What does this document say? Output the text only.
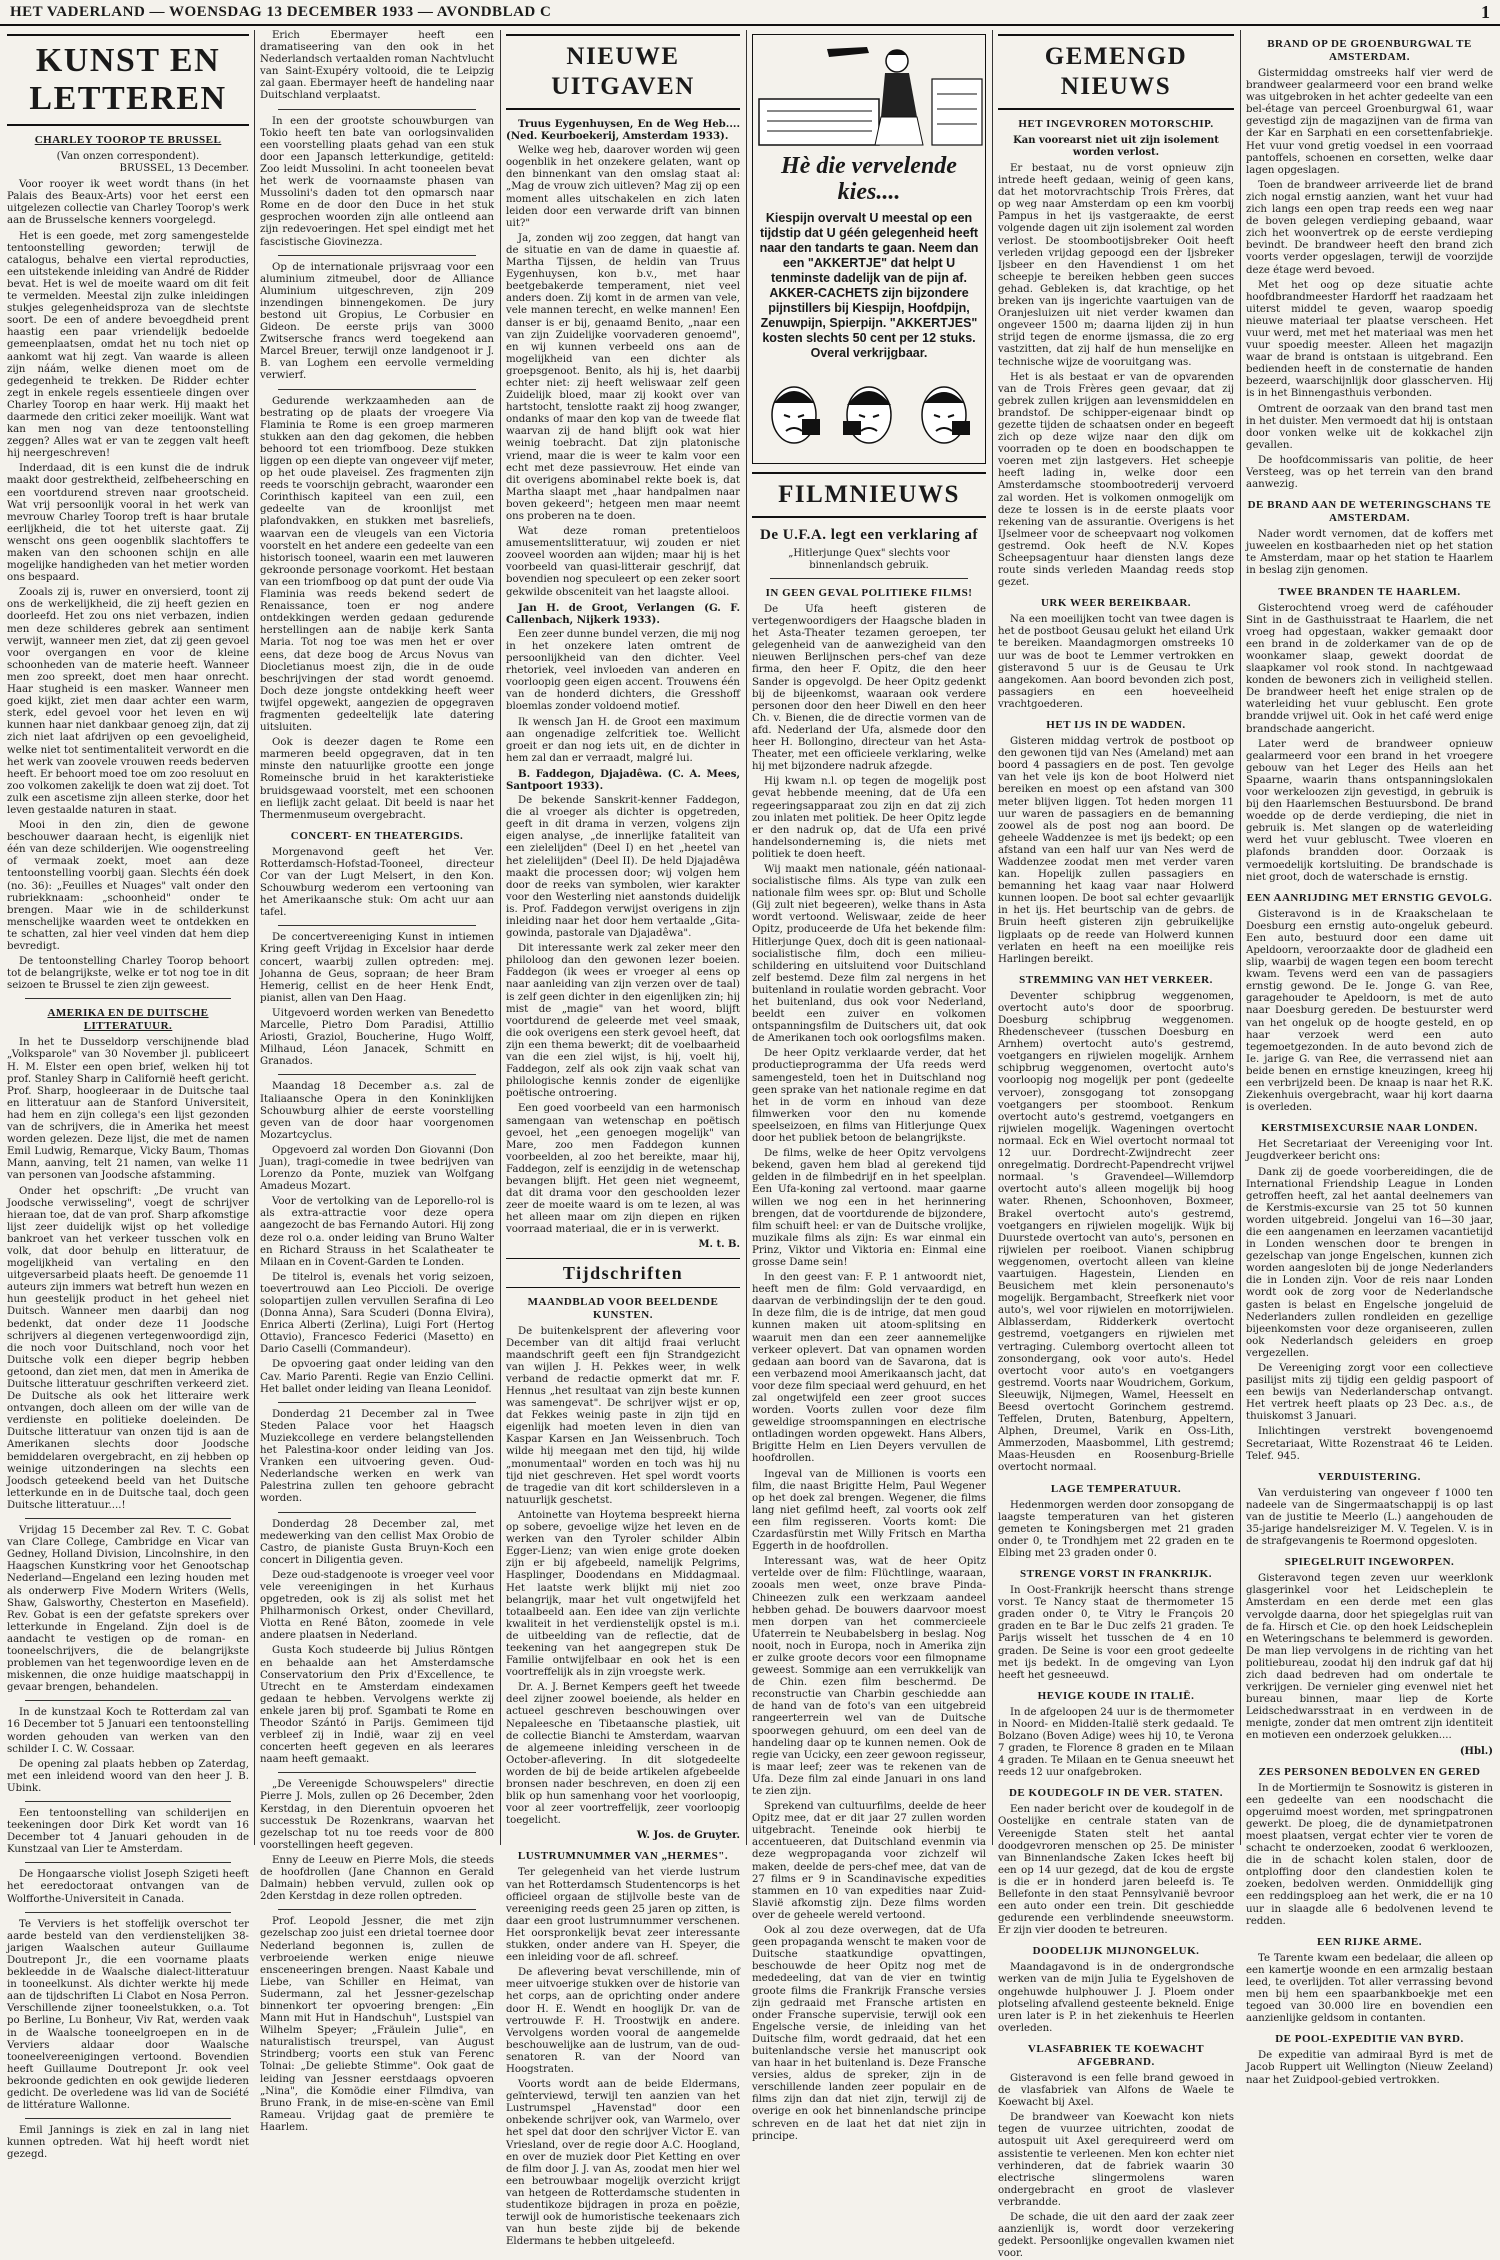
HET VADERLAND — WOENSDAG 13 DECEMBER 1933 — AVONDBLAD C	1
KUNST EN LETTEREN
CHARLEY TOOROP TE BRUSSEL

(Van onzen correspondent).

BRUSSEL, 13 December.

Voor rooyer ik weet wordt thans (in het Palais des Beaux-Arts) voor het eerst een uitgelezen collectie van Charley Toorop's werk aan de Brusselsche kenners voorgelegd.

Het is een goede, met zorg samengestelde tentoonstelling geworden; terwijl de catalogus, behalve een viertal reproducties, een uitstekende inleiding van André de Ridder bevat. Het is wel de moeite waard om dit feit te vermelden. Meestal zijn zulke inleidingen stukjes gelegenheidsproza van de slechtste soort. De een of andere bevoegdheid prent haastig een paar vriendelijk bedoelde gemeenplaatsen, omdat het nu toch niet op aankomt wat hij zegt. Van waarde is alleen zijn náám, welke dienen moet om de gedegenheid te trekken. De Ridder echter zegt in enkele regels essentieele dingen over Charley Toorop en haar werk. Hij maakt het daarmede den critici zeker moeilijk. Want wat kan men nog van deze tentoonstelling zeggen? Alles wat er van te zeggen valt heeft hij neergeschreven!

Inderdaad, dit is een kunst die de indruk maakt door gestrektheid, zelfbeheersching en een voortdurend streven naar grootscheid. Wat vrij persoonlijk vooral in het werk van mevrouw Charley Toorop treft is haar brutale eerlijkheid, die tot het uiterste gaat. Zij wenscht ons geen oogenblik slachtoffers te maken van den schoonen schijn en alle mogelijke handigheden van het metier worden ons bespaard.

Zooals zij is, ruwer en onversierd, toont zij ons de werkelijkheid, die zij heeft gezien en doorleefd. Het zou ons niet verbazen, indien men deze schilderes gebrek aan sentiment verwijt, wanneer men ziet, dat zij geen gevoel voor overgangen en voor de kleine schoonheden van de materie heeft. Wanneer men zoo spreekt, doet men haar onrecht. Haar stugheid is een masker. Wanneer men goed kijkt, ziet men daar achter een warm, sterk, edel gevoel voor het leven en wij kunnen haar niet dankbaar genoeg zijn, dat zij zich niet laat afdrijven op een gevoeligheid, welke niet tot sentimentaliteit verwordt en die het werk van zoovele vrouwen reeds bederven heeft. Er behoort moed toe om zoo resoluut en zoo volkomen zakelijk te doen wat zij doet. Tot zulk een ascetisme zijn alleen sterke, door het leven gestaalde naturen in staat.

Mooi in den zin, dien de gewone beschouwer daaraan hecht, is eigenlijk niet één van deze schilderijen. Wie oogenstreeling of vermaak zoekt, moet aan deze tentoonstelling voorbij gaan. Slechts één doek (no. 36): „Feuilles et Nuages" valt onder den rubriekknaam: „schoonheid" onder te brengen. Maar wie in de schilderkunst menschelijke waarden weet te ontdekken en te schatten, zal hier veel vinden dat hem diep bevredigt.

De tentoonstelling Charley Toorop behoort tot de belangrijkste, welke er tot nog toe in dit seizoen te Brussel te zien zijn geweest.

AMERIKA EN DE DUITSCHE LITTERATUUR.

In het te Dusseldorp verschijnende blad „Volksparole" van 30 November jl. publiceert H. M. Elster een open brief, welken hij tot prof. Stanley Sharp in Californië heeft gericht. Prof. Sharp, hoogleeraar in de Duitsche taal en litteratuur aan de Stanford Universiteit, had hem en zijn collega's een lijst gezonden van de schrijvers, die in Amerika het meest worden gelezen. Deze lijst, die met de namen Emil Ludwig, Remarque, Vicky Baum, Thomas Mann, aanving, telt 21 namen, van welke 11 van personen van Joodsche afstamming.

Onder het opschrift: „De vrucht van Joodsche verwisseling", voegt de schrijver hieraan toe, dat de van prof. Sharp afkomstige lijst zeer duidelijk wijst op het volledige bankroet van het verkeer tusschen volk en volk, dat door behulp en litteratuur, de mogelijkheid van vertaling en den uitgeversarbeid plaats heeft. De genoemde 11 auteurs zijn immers wat betreft hun wezen en hun geestelijk product in het geheel niet Duitsch. Wanneer men daarbij dan nog bedenkt, dat onder deze 11 Joodsche schrijvers al diegenen vertegenwoordigd zijn, die noch voor Duitschland, noch voor het Duitsche volk een dieper begrip hebben getoond, dan ziet men, dat men in Amerika de Duitsche litteratuur geschriften verkeerd ziet. De Duitsche als ook het litteraire werk ontvangen, doch alleen om der wille van de verdienste en politieke doeleinden. De Duitsche litteratuur van onzen tijd is aan de Amerikanen slechts door Joodsche bemiddelaren overgebracht, en zij hebben op weinige uitzonderingen na slechts een Joodsch geteekend beeld van het Duitsche letterkunde en in de Duitsche taal, doch geen Duitsche litteratuur....!

Vrijdag 15 December zal Rev. T. C. Gobat van Clare College, Cambridge en Vicar van Gedney, Holland Division, Lincolnshire, in den Haagschen Kunstkring voor het Genootschap Nederland—Engeland een lezing houden met als onderwerp Five Modern Writers (Wells, Shaw, Galsworthy, Chesterton en Masefield). Rev. Gobat is een der gefatste sprekers over letterkunde in Engeland. Zijn doel is de aandacht te vestigen op de roman- en tooneelschrijvers, die de belangrijkste problemen van het tegenwoordige leven en de miskennen, die onze huidige maatschappij in gevaar brengen, behandelen.

In de kunstzaal Koch te Rotterdam zal van 16 December tot 5 Januari een tentoonstelling worden gehouden van werken van den schilder I. C. W. Cossaar.

De opening zal plaats hebben op Zaterdag, met een inleidend woord van den heer J. B. Ubink.

Een tentoonstelling van schilderijen en teekeningen door Dirk Ket wordt van 16 December tot 4 Januari gehouden in de Kunstzaal van Lier te Amsterdam.

De Hongaarsche violist Joseph Szigeti heeft het eeredoctoraat ontvangen van de Wolfforthe-Universiteit in Canada.

Te Verviers is het stoffelijk overschot ter aarde besteld van den verdienstelijken 38-jarigen Waalschen auteur Guillaume Doutrepont Jr., die een voorname plaats bekleedde in de Waalsche dialect-litteratuur in tooneelkunst. Als dichter werkte hij mede aan de tijdschriften Li Clabot en Nosa Perron. Verschillende zijner tooneelstukken, o.a. Tot po Berline, Lu Bonheur, Viv Rat, werden vaak in de Waalsche tooneelgroepen en in de Verviers aldaar door Waalsche tooneelvereenigingen vertoond. Bovendien heeft Guillaume Doutrepont Jr. ook veel bekroonde gedichten en ook gewijde liederen gedicht. De overledene was lid van de Société de littérature Wallonne.

Emil Jannings is ziek en zal in lang niet kunnen optreden. Wat hij heeft wordt niet gezegd.

Erich Ebermayer heeft een dramatiseering van den ook in het Nederlandsch vertaalden roman Nachtvlucht van Saint-Exupéry voltooid, die te Leipzig zal gaan. Ebermayer heeft de handeling naar Duitschland verplaatst.

In een der grootste schouwburgen van Tokio heeft ten bate van oorlogsinvaliden een voorstelling plaats gehad van een stuk door een Japansch letterkundige, getiteld: Zoo leidt Mussolini. In acht tooneelen bevat het werk de voornaamste phasen van Mussolini's daden tot den opmarsch naar Rome en de door den Duce in het stuk gesprochen woorden zijn alle ontleend aan zijn redevoeringen. Het spel eindigt met het fascistische Giovinezza.

Op de internationale prijsvraag voor een aluminium zitmeubel, door de Alliance Aluminium uitgeschreven, zijn 209 inzendingen binnengekomen. De jury bestond uit Gropius, Le Corbusier en Gideon. De eerste prijs van 3000 Zwitsersche francs werd toegekend aan Marcel Breuer, terwijl onze landgenoot ir J. B. van Loghem een eervolle vermelding verwierf.

Gedurende werkzaamheden aan de bestrating op de plaats der vroegere Via Flaminia te Rome is een groep marmeren stukken aan den dag gekomen, die hebben behoord tot een triomfboog. Deze stukken liggen op een diepte van ongeveer vijf meter, op het oude plaveisel. Zes fragmenten zijn reeds te voorschijn gebracht, waaronder een Corinthisch kapiteel van een zuil, een gedeelte van de kroonlijst met plafondvakken, en stukken met basreliefs, waarvan een de vleugels van een Victoria voorstelt en het andere een gedeelte van een historisch tooneel, waarin een met lauweren gekroonde personage voorkomt. Het bestaan van een triomfboog op dat punt der oude Via Flaminia was reeds bekend sedert de Renaissance, toen er nog andere ontdekkingen werden gedaan gedurende herstellingen aan de nabije kerk Santa Maria. Tot nog toe was men het er over eens, dat deze boog de Arcus Novus van Diocletianus moest zijn, die in de oude beschrijvingen der stad wordt genoemd. Doch deze jongste ontdekking heeft weer twijfel opgewekt, aangezien de opgegraven fragmenten gedeeltelijk late datering uitsluiten.

Ook is deezer dagen te Rome een marmeren beeld opgegraven, dat in ten minste den natuurlijke grootte een jonge Romeinsche bruid in het karakteristieke bruidsgewaad voorstelt, met een schoonen en lieflijk zacht gelaat. Dit beeld is naar het Thermenmuseum overgebracht.

CONCERT- EN THEATERGIDS.

Morgenavond geeft het Ver. Rotterdamsch-Hofstad-Tooneel, directeur Cor van der Lugt Melsert, in den Kon. Schouwburg wederom een vertooning van het Amerikaansche stuk: Om acht uur aan tafel.

De concertvereeniging Kunst in intiemen Kring geeft Vrijdag in Excelsior haar derde concert, waarbij zullen optreden: mej. Johanna de Geus, sopraan; de heer Bram Hemerig, cellist en de heer Henk Endt, pianist, allen van Den Haag.

Uitgevoerd worden werken van Benedetto Marcelle, Pietro Dom Paradisi, Attillio Ariosti, Graziol, Boucherine, Hugo Wolff, Milhaud, Léon Janacek, Schmitt en Granados.

Maandag 18 December a.s. zal de Italiaansche Opera in den Koninklijken Schouwburg alhier de eerste voorstelling geven van de door haar voorgenomen Mozartcyclus.

Opgevoerd zal worden Don Giovanni (Don Juan), tragi-comedie in twee bedrijven van Lorenzo da Ponte, muziek van Wolfgang Amadeus Mozart.

Voor de vertolking van de Leporello-rol is als extra-attractie voor deze opera aangezocht de bas Fernando Autori. Hij zong deze rol o.a. onder leiding van Bruno Walter en Richard Strauss in het Scalatheater te Milaan en in Covent-Garden te Londen.

De titelrol is, evenals het vorig seizoen, toevertrouwd aan Leo Piccioli. De overige solopartijen zullen vervullen Serafina di Leo (Donna Anna), Sara Scuderi (Donna Elvira), Enrica Alberti (Zerlina), Luigi Fort (Hertog Ottavio), Francesco Federici (Masetto) en Dario Caselli (Commandeur).

De opvoering gaat onder leiding van den Cav. Mario Parenti. Regie van Enzio Cellini. Het ballet onder leiding van Ileana Leonidof.

Donderdag 21 December zal in Twee Steden Palace voor het Haagsch Muziekcollege en verdere belangstellenden het Palestina-koor onder leiding van Jos. Vranken een uitvoering geven. Oud-Nederlandsche werken en werk van Palestrina zullen ten gehoore gebracht worden.

Donderdag 28 December zal, met medewerking van den cellist Max Orobio de Castro, de pianiste Gusta Bruyn-Koch een concert in Diligentia geven.

Deze oud-stadgenoote is vroeger veel voor vele vereenigingen in het Kurhaus opgetreden, ook is zij als solist met het Philharmonisch Orkest, onder Chevillard, Viotta en René Bâton, zoomede in vele andere plaatsen in Nederland.

Gusta Koch studeerde bij Julius Röntgen en behaalde aan het Amsterdamsche Conservatorium den Prix d'Excellence, te Utrecht en te Amsterdam eindexamen gedaan te hebben. Vervolgens werkte zij enkele jaren bij prof. Sgambati te Rome en Theodor Szántó in Parijs. Gemimeen tijd verbleef zij in Indië, waar zij en veel concerten heeft gegeven en als leerares naam heeft gemaakt.

„De Vereenigde Schouwspelers" directie Pierre J. Mols, zullen op 26 December, 2den Kerstdag, in den Dierentuin opvoeren het successtuk De Rozenkrans, waarvan het gezelschap tot nu toe reeds voor de 800 voorstellingen heeft gegeven.

Enny de Leeuw en Pierre Mols, die steeds de hoofdrollen (Jane Channon en Gerald Dalmain) hebben vervuld, zullen ook op 2den Kerstdag in deze rollen optreden.

Prof. Leopold Jessner, die met zijn gezelschap zoo juist een drietal toernee door Nederland begonnen is, zullen de verbroeiende werken enige nieuwe ensceneeringen brengen. Naast Kabale und Liebe, van Schiller en Heimat, van Sudermann, zal het Jessner-gezelschap binnenkort ter opvoering brengen: „Ein Mann mit Hut in Handschuh", Lustspiel van Wilhelm Speyer; „Fräulein Julie", en naturalistisch treurspel, van August Strindberg; voorts een stuk van Ferenc Tolnai: „De geliebte Stimme". Ook gaat de leiding van Jessner eerstdaags opvoeren „Nina", die Komödie einer Filmdiva, van Bruno Frank, in de mise-en-scène van Emil Rameau. Vrijdag gaat de première te Haarlem.

NIEUWE UITGAVEN

Truus Eygenhuysen, En de Weg Heb.... (Ned. Keurboekerij, Amsterdam 1933).

Welke weg heb, daarover worden wij geen oogenblik in het onzekere gelaten, want op den binnenkant van den omslag staat al: „Mag de vrouw zich uitleven? Mag zij op een moment alles uitschakelen en zich laten leiden door een verwarde drift van binnen uit?"

Ja, zonden wij zoo zeggen, dat hangt van de situatie en van de dame in quaestie af. Martha Tijssen, de heldin van Truus Eygenhuysen, kon b.v., met haar beetgebakerde temperament, niet veel anders doen. Zij komt in de armen van vele, vele mannen terecht, en welke mannen! Een danser is er bij, genaamd Benito, „naar een van zijn Zuidelijke voorvaderen genoemd", en wij kunnen verbeeld ons aan de mogelijkheid van een dichter als groepsgenoot. Benito, als hij is, het daarbij echter niet: zij heeft weliswaar zelf geen Zuidelijk bloed, maar zij kookt over van hartstocht, tenslotte raakt zij hoog zwanger, ondanks of maar den kop van de tweede flat waarvan zij de hand blijft ook wat hier weinig toebracht. Dat zijn platonische vriend, maar die is weer te kalm voor een echt met deze passievrouw. Het einde van dit overigens abominabel rekte boek is, dat Martha slaapt met „haar handpalmen naar boven gekeerd"; hetgeen men maar neemt ons proberen na te doen.

Wat deze roman pretentieloos amusementslitteratuur, wij zouden er niet zooveel woorden aan wijden; maar hij is het voorbeeld van quasi-litterair geschrijf, dat bovendien nog speculeert op een zeker soort gekwilde obsceniteit van het laagste allooi.

Jan H. de Groot, Verlangen (G. F. Callenbach, Nijkerk 1933).

Een zeer dunne bundel verzen, die mij nog in het onzekere laten omtrent de persoonlijkheid van den dichter. Veel rhetoriek, veel invloeden van anderen en voorloopig geen eigen accent. Trouwens één van de honderd dichters, die Gresshoff bloemlas zonder voldoend motief.

Ik wensch Jan H. de Groot een maximum aan ongenadige zelfcritiek toe. Wellicht groeit er dan nog iets uit, en de dichter in hem zal dan er verraadt, malgré lui.

B. Faddegon, Djajadêwa. (C. A. Mees, Santpoort 1933).

De bekende Sanskrit-kenner Faddegon, die al vroeger als dichter is opgetreden, geeft in dit drama in verzen, volgens zijn eigen analyse, „de innerlijke fataliteit van een zielelijden" (Deel I) en het „heetel van het zieleliijden" (Deel II). De held Djajadêwa maakt die processen door; wij volgen hem door de reeks van symbolen, wier karakter voor den Westerling niet aanstonds duidelijk is. Prof. Faddegon verwijst overigens in zijn inleiding naar het door hem vertaalde „Gita-gowinda, pastorale van Djajadêwa".

Dit interessante werk zal zeker meer den philoloog dan den gewonen lezer boeien. Faddegon (ik wees er vroeger al eens op naar aanleiding van zijn verzen over de taal) is zelf geen dichter in den eigenlijken zin; hij mist de „magie" van het woord, blijft voortdurend de geleerde met veel smaak, die ook overigens een sterk gevoel heeft, dat zijn een thema bewerkt; dit de voelbaarheid van die een ziel wijst, is hij, voelt hij, Faddegon, zelf als ook zijn vaak schat van philologische kennis zonder de eigenlijke poëtische ontroering.

Een goed voorbeeld van een harmonisch samengaan van wetenschap en poëtisch gevoel, het „een genoegen mogelijk" van Mare, zoo men Faddegon kunnen voorbeelden, al zoo het bereikte, maar hij, Faddegon, zelf is eenzijdig in de wetenschap bevangen blijft. Het geen niet wegneemt, dat dit drama voor den geschoolden lezer zeer de moeite waard is om te lezen, al was het alleen maar om zijn diepen en rijken voorraad materiaal, die er in is verwerkt.

M. t. B.
Tijdschriften
MAANDBLAD VOOR BEELDENDE KUNSTEN.

De buitenkelsprent der aflevering voor December van dit altijd fraai verlucht maandschrift geeft een fijn Strandgezicht van wijlen J. H. Pekkes weer, in welk verband de redactie opmerkt dat mr. F. Hennus „het resultaat van zijn beste kunnen was samengevat". De schrijver wijst er op, dat Fekkes weinig paste in zijn tijd en eigenlijk had moeten leven in dien van Kaspar Karsen en Jan Weissenbruch. Toch wilde hij meegaan met den tijd, hij wilde „monumentaal" worden en toch was hij nu tijd niet geschreven. Het spel wordt voorts de tragedie van dit kort schildersleven in a natuurlijk geschetst.

Antoinette van Hoytema bespreekt hierna op sobere, gevoelige wijze het leven en de werken van den Tyroler schilder Albin Egger-Lienz; van wien enige grote doeken zijn er bij afgebeeld, namelijk Pelgrims, Hasplinger, Doodendans en Middagmaal. Het laatste werk blijkt mij niet zoo belangrijk, maar het vult ongetwijfeld het totaalbeeld aan. Een idee van zijn verlichte kwaliteit in het verdienstelijk opstel is m.i. de uitbeelding van de reflectie, dat de teekening van het aangegrepen stuk De Familie ontwijfelbaar en ook het is een voortreffelijk als in zijn vroegste werk.

Dr. A. J. Bernet Kempers geeft het tweede deel zijner zoowel boeiende, als helder en actueel geschreven beschouwingen over Nepaleesche en Tibetaansche plastiek, uit de collectie Bianchi te Amsterdam, waarvan de algemeene inleiding verscheen in de October-aflevering. In dit slotgedeelte worden de bij de beide artikelen afgebeelde bronsen nader beschreven, en doen zij een blik op hun samenhang voor het voorloopig, voor al zeer voortreffelijk, zeer voorloopig toegelicht.

W. Jos. de Gruyter.
LUSTRUMNUMMER VAN „HERMES".

Ter gelegenheid van het vierde lustrum van het Rotterdamsch Studentencorps is het officieel orgaan de stijlvolle beste van de vereeniging reeds geen 25 jaren op zitten, is daar een groot lustrumnummer verschenen. Het oorspronkelijk bevat zeer interessante stukken, onder andere van H. Speyer, die een inleiding voor de afl. schreef.

De aflevering bevat verschillende, min of meer uitvoerige stukken over de historie van het corps, aan de oprichting onder andere door H. E. Wendt en hooglijk Dr. van de vertrouwde F. H. Troostwijk en andere. Vervolgens worden vooral de aangemelde beschouwelijke aan de lustrum, van de oud-senatoren R. van der Noord van Hoogstraten.

Voorts wordt aan de beide Eldermans, geïnterviewd, terwijl ten aanzien van het Lustrumspel „Havenstad" door een onbekende schrijver ook, van Warmelo, over het spel dat door den schrijver Victor E. van Vriesland, over de regie door A.C. Hoogland, en over de muziek door Piet Ketting en over de film door J. J. van As, zoodat men hier wel een betrouwbaar mogelijk overzicht krijgt van hetgeen de Rotterdamsche studenten in studentikoze bijdragen in proza en poëzie, terwijl ook de humoristische teekenaars zich van hun beste zijde bij de bekende Eldermans te hebben uitgeleefd.

Hè die vervelende kies....
Kiespijn overvalt U meestal op een tijdstip dat U géén gelegenheid heeft naar den tandarts te gaan. Neem dan een "AKKERTJE" dat helpt U tenminste dadelijk van de pijn af. AKKER-CACHETS zijn bijzondere pijnstillers bij Kiespijn, Hoofdpijn, Zenuwpijn, Spierpijn. "AKKERTJES" kosten slechts 50 cent per 12 stuks. Overal verkrijgbaar.
FILMNIEUWS
De U.F.A. legt een verklaring af
„Hitlerjunge Quex" slechts voor binnenlandsch gebruik.
IN GEEN GEVAL POLITIEKE FILMS!

De Ufa heeft gisteren de vertegenwoordigers der Haagsche bladen in het Asta-Theater tezamen geroepen, ter gelegenheid van de aanwezigheid van den nieuwen Berlijnschen pers-chef van deze firma, den heer F. Opitz, die den heer Sander is opgevolgd. De heer Opitz gedenkt bij de bijeenkomst, waaraan ook verdere personen door den heer Diwell en den heer Ch. v. Bienen, die de directie vormen van de afd. Nederland der Ufa, alsmede door den heer H. Bollongino, directeur van het Asta-Theater, met een officieele verklaring, welke hij met bijzondere nadruk afzegde.

Hij kwam n.l. op tegen de mogelijk post gevat hebbende meening, dat de Ufa een regeeringsapparaat zou zijn en dat zij zich zou inlaten met politiek. De heer Opitz legde er den nadruk op, dat de Ufa een privé handelsonderneming is, die niets met politiek te doen heeft.

Wij maakt men nationale, géén nationaal-socialistische films. Als type van zulk een nationale film wees spr. op: Blut und Scholle (Gij zult niet begeeren), welke thans in Asta wordt vertoond. Weliswaar, zeide de heer Opitz, produceerde de Ufa het bekende film: Hitlerjunge Quex, doch dit is geen nationaal-socialistische film, doch een milieu-schildering en uitsluitend voor Duitschland zelf bestemd. Deze film zal nergens in het buitenland in roulatie worden gebracht. Voor het buitenland, dus ook voor Nederland, beeldt een zuiver en volkomen ontspanningsfilm de Duitschers uit, dat ook de Amerikanen toch ook oorlogsfilms maken.

De heer Opitz verklaarde verder, dat het productieprogramma der Ufa reeds werd samengesteld, toen het in Duitschland nog geen sprake van het nationale regime en dat het in de vorm en inhoud van deze filmwerken voor den nu komende speelseizoen, en films van Hitlerjunge Quex door het publiek betoon de belangrijkste.

De films, welke de heer Opitz vervolgens bekend, gaven hem blad al gerekend tijd gelden in de filmbedrijf en in het speelplan. Een Ufa-koning zal vertoond. maar gaarne willen we nog een in het herinnering brengen, dat de voortdurende de bijzondere, film schuift heel: er van de Duitsche vrolijke, muzikale films als zijn: Es war einmal ein Prinz, Viktor und Viktoria en: Einmal eine grosse Dame sein!

In den geest van: F. P. 1 antwoordt niet, heeft men de film: Gold vervaardigd, en daarvan de verbindingslijn der te den goud. In deze film, die is de intrige, dat men goud kunnen maken uit atoom-splitsing en waaruit men dan een zeer aannemelijke verkeer oplevert. Dat van opnamen worden gedaan aan boord van de Savarona, dat is een verbazend mooi Amerikaansch jacht, dat voor deze film speciaal werd gehuurd, en het zal ongetwijfeld een zeer groot succes worden. Voorts zullen voor deze film geweldige stroomspanningen en electrische ontladingen worden opgewekt. Hans Albers, Brigitte Helm en Lien Deyers vervullen de hoofdrollen.

Ingeval van de Millionen is voorts een film, die naast Brigitte Helm, Paul Wegener op het doek zal brengen. Wegener, die films lang niet gefilmd heeft, zal voorts ook zelf een film regisseren. Voorts komt: Die Czardasfürstin met Willy Fritsch en Martha Eggerth in de hoofdrollen.

Interessant was, wat de heer Opitz vertelde over de film: Flüchtlinge, waaraan, zooals men weet, onze brave Pinda-Chineezen zulk een werkzaam aandeel hebben gehad. De bouwers daarvoor moest men dorpen van het commercieele Ufaterrein te Neubabelsberg in beslag. Nog nooit, noch in Europa, noch in Amerika zijn er zulke groote decors voor een filmopname geweest. Sommige aan een verrukkelijk van de Chin. ezen film beschermd. De reconstructie van Charbin geschiedde aan de hand van de foto's van een uitgebreid rangeerterrein wel van de Duitsche spoorwegen gehuurd, om een deel van de handeling daar op te kunnen nemen. Ook de regie van Ucicky, een zeer gewoon regisseur, is maar leef; zeer was te rekenen van de Ufa. Deze film zal einde Januari in ons land te zien zijn.

Sprekend van cultuurfilms, deelde de heer Opitz mee, dat er dit jaar 27 zullen worden uitgebracht. Teneinde ook hierbij te accentueeren, dat Duitschland evenmin via deze wegpropaganda voor zichzelf wil maken, deelde de pers-chef mee, dat van de 27 films er 9 in Scandinavische expedities stammen en 10 van expedities naar Zuid-Slavië afkomstig zijn. Deze films worden over de geheele wereld vertoond.

Ook al zou deze overwegen, dat de Ufa geen propaganda wenscht te maken voor de Duitsche staatkundige opvattingen, beschouwde de heer Opitz nog met de mededeeling, dat van de vier en twintig groote films die Frankrijk Fransche versies zijn gedraaid met Fransche artisten en onder Fransche supervisie, terwijl ook een Engelsche versie, de inleiding van het Duitsche film, wordt gedraaid, dat het een buitenlandsche versie het manuscript ook van haar in het buitenland is. Deze Fransche versies, aldus de spreker, zijn in de verschillende landen zeer populair en de films zijn dan dat niet zijn, terwijl zij de overige en ook het binnenlandsche principe schreven en de laat het dat niet zijn in principe.

GEMENGD NIEUWS
HET INGEVROREN MOTORSCHIP.
Kan voorearst niet uit zijn isolement worden verlost.

Er bestaat, nu de vorst opnieuw zijn intrede heeft gedaan, weinig of geen kans, dat het motorvrachtschip Trois Frères, dat op weg naar Amsterdam op een km voorbij Pampus in het ijs vastgeraakte, de eerst volgende dagen uit zijn isolement zal worden verlost. De stoombootijsbreker Ooit heeft verleden vrijdag gepoogd een der Ijsbreker Ijsbeer en den Havendienst 1 om het scheepje te bereiken hebben geen succes gehad. Gebleken is, dat krachtige, op het breken van ijs ingerichte vaartuigen van de Oranjesluizen uit niet verder kwamen dan ongeveer 1500 m; daarna lijden zij in hun strijd tegen de enorme ijsmassa, die zo erg vastzitten, dat zij half de hun menselijke en technische wijze de vooruitgang was.

Het is als bestaat er van de opvarenden van de Trois Frères geen gevaar, dat zij gebrek zullen krijgen aan levensmiddelen en brandstof. De schipper-eigenaar bindt op gezette tijden de schaatsen onder en begeeft zich op deze wijze naar den dijk om voorraden op te doen en boodschappen te voeren met zijn lastgevers. Het scheepje heeft lading in, welke door een Amsterdamsche stoombootrederij vervoerd zal worden. Het is volkomen onmogelijk om deze te lossen is in de eerste plaats voor rekening van de assurantie. Overigens is het IJselmeer voor de scheepvaart nog volkomen gestremd. Ook heeft de N.V. Kopes Scheepsagentuur haar diensten langs deze route sinds verleden Maandag reeds stop gezet.

URK WEER BEREIKBAAR.

Na een moeilijken tocht van twee dagen is het de postboot Geusau gelukt het eiland Urk te bereiken. Maandagmorgen omstreeks 10 uur was de boot te Lemmer vertrokken en gisteravond 5 uur is de Geusau te Urk aangekomen. Aan boord bevonden zich post, passagiers en een hoeveelheid vrachtgoederen.

HET IJS IN DE WADDEN.

Gisteren middag vertrok de postboot op den gewonen tijd van Nes (Ameland) met aan boord 4 passagiers en de post. Ten gevolge van het vele ijs kon de boot Holwerd niet bereiken en moest op een afstand van 300 meter blijven liggen. Tot heden morgen 11 uur waren de passagiers en de bemanning zoowel als de post nog aan boord. De geheele Waddenzee is met ijs bedekt; op een afstand van een half uur van Nes werd de Waddenzee zoodat men met verder varen kan. Hopelijk zullen passagiers en bemanning het kaag vaar naar Holwerd kunnen loopen. De boot sal echter gevaarlijk in het ijs. Het beurtschip van de gebrs. de Bruin heeft gisteren zijn gebruikelijke ligplaats op de reede van Holwerd kunnen verlaten en heeft na een moeilijke reis Harlingen bereikt.

STREMMING VAN HET VERKEER.

Deventer schipbrug weggenomen, overtocht auto's door de spoorbrug. Doesburg schipbrug weggenomen. Rhedenscheveer (tusschen Doesburg en Arnhem) overtocht auto's gestremd, voetgangers en rijwielen mogelijk. Arnhem schipbrug weggenomen, overtocht auto's voorloopig nog mogelijk per pont (gedeelte vervoer), zonsgogang tot zonsopgang voetgangers per stoomboot. Renkum overtocht auto's gestremd, voetgangers en rijwielen mogelijk. Wageningen overtocht normaal. Eck en Wiel overtocht normaal tot 12 uur. Dordrecht-Zwijndrecht zeer onregelmatig. Dordrecht-Papendrecht vrijwel normaal. 's Gravendeel—Willemdorp overtocht auto's alleen mogelijk bij hoog water. Rhenen, Schoonhoven, Boxmeer, Brakel overtocht auto's gestremd, voetgangers en rijwielen mogelijk. Wijk bij Duurstede overtocht van auto's, personen en rijwielen per roeiboot. Vianen schipbrug weggenomen, overtocht alleen van kleine vaartuigen. Hagestein, Lienden en Beusichem met klein personenauto's mogelijk. Bergambacht, Streefkerk niet voor auto's, wel voor rijwielen en motorrijwielen. Alblasserdam, Ridderkerk overtocht gestremd, voetgangers en rijwielen met vertraging. Culemborg overtocht alleen tot zonsondergang, ook voor auto's. Hedel overtocht voor auto's en voetgangers gestremd. Voorts naar Woudrichem, Gorkum, Sleeuwijk, Nijmegen, Wamel, Heesselt en Beesd overtocht Gorinchem gestremd. Teffelen, Druten, Batenburg, Appeltern, Alphen, Dreumel, Varik en Oss-Lith, Ammerzoden, Maasbommel, Lith gestremd; Maas-Heusden en Roosenburg-Brielle overtocht normaal.

LAGE TEMPERATUUR.

Hedenmorgen werden door zonsopgang de laagste temperaturen van het gisteren gemeten te Koningsbergen met 21 graden onder 0, te Trondhjem met 22 graden en te Elbing met 23 graden onder 0.

STRENGE VORST IN FRANKRIJK.

In Oost-Frankrijk heerscht thans strenge vorst. Te Nancy staat de thermometer 15 graden onder 0, te Vitry le François 20 graden en te Bar le Duc zelfs 21 graden. Te Parijs wisselt het tusschen de 4 en 10 graden. De Seine is voor een groot gedeelte met ijs bedekt. In de omgeving van Lyon heeft het gesneeuwd.

HEVIGE KOUDE IN ITALIË.

In de afgeloopen 24 uur is de thermometer in Noord- en Midden-Italië sterk gedaald. Te Bolzano (Boven Adige) wees hij 10, te Verona 7 graden, te Florence 8 graden en te Milaan 4 graden. Te Milaan en te Genua sneeuwt het reeds 12 uur onafgebroken.

DE KOUDEGOLF IN DE VER. STATEN.

Een nader bericht over de koudegolf in de Oostelijke en centrale staten van de Vereenigde Staten stelt het aantal doodgevroren menschen op 25. De minister van Binnenlandsche Zaken Ickes heeft bij een op 14 uur gezegd, dat de kou de ergste is die er in honderd jaren beleefd is. Te Bellefonte in den staat Pennsylvanië bevroor een auto onder een trein. Dit geschiedde gedurende een verblindende sneeuwstorm. Er zijn vier dooden te betreuren.

DOODELIJK MIJNONGELUK.

Maandagavond is in de ondergrondsche werken van de mijn Julia te Eygelshoven de ongehuwde hulphouwer J. J. Ploem onder plotseling afvallend gesteente bekneld. Enige uren later is P. in het ziekenhuis te Heerlen overleden.

VLASFABRIEK TE KOEWACHT AFGEBRAND.

Gisteravond is een felle brand gewoed in de vlasfabriek van Alfons de Waele te Koewacht bij Axel.

De brandweer van Koewacht kon niets tegen de vuurzee uitrichten, zoodat de autospuit uit Axel gerequireerd werd om assistentie te verleenen. Men kon echter niet verhinderen, dat de fabriek waarin 30 electrische slingermolens waren ondergebracht en groot de vlaslever verbrandde.

De schade, die uit den aard der zaak zeer aanzienlijk is, wordt door verzekering gedekt. Persoonlijke ongevallen kwamen niet voor.

BRAND OP DE GROENBURGWAL TE AMSTERDAM.

Gistermiddag omstreeks half vier werd de brandweer gealarmeerd voor een brand welke was uitgebroken in het achter gedeelte van een bel-étage van perceel Groenburgwal 61, waar gevestigd zijn de magazijnen van de firma van der Kar en Sarphati en een corsettenfabriekje. Het vuur vond gretig voedsel in een voorraad pantoffels, schoenen en corsetten, welke daar lagen opgeslagen.

Toen de brandweer arriveerde liet de brand zich nogal ernstig aanzien, want het vuur had zich langs een open trap reeds een weg naar de boven gelegen verdieping gebaand, waar zich het woonvertrek op de eerste verdieping bevindt. De brandweer heeft den brand zich voorts verder opgeslagen, terwijl de voorzijde deze étage werd bevoed.

Met het oog op deze situatie achte hoofdbrandmeester Hardorff het raadzaam het uiterst middel te geven, waarop spoedig nieuwe materiaal ter plaatse verscheen. Het vuur werd, met met het materiaal was men het vuur spoedig meester. Alleen het magazijn waar de brand is ontstaan is uitgebrand. Een bedienden heeft in de consternatie de handen bezeerd, waarschijnlijk door glasscherven. Hij is in het Binnengasthuis verbonden.

Omtrent de oorzaak van den brand tast men in het duister. Men vermoedt dat hij is ontstaan door vonken welke uit de kokkachel zijn gevallen.

De hoofdcommissaris van politie, de heer Versteeg, was op het terrein van den brand aanwezig.

DE BRAND AAN DE WETERINGSCHANS TE AMSTERDAM.

Nader wordt vernomen, dat de koffers met juweelen en kostbaarheden niet op het station te Amsterdam, maar op het station te Haarlem in beslag zijn genomen.

TWEE BRANDEN TE HAARLEM.

Gisterochtend vroeg werd de caféhouder Sint in de Gasthuisstraat te Haarlem, die net vroeg had opgestaan, wakker gemaakt door een brand in de zolderkamer van de op de woonkamer slaap, gewekt doordat de slaapkamer vol rook stond. In nachtgewaad konden de bewoners zich in veiligheid stellen. De brandweer heeft het enige stralen op de waterleiding het vuur gebluscht. Een grote brandde vrijwel uit. Ook in het café werd enige brandschade aangericht.

Later werd de brandweer opnieuw gealarmeerd voor een brand in het vroegere gebouw van het Leger des Heils aan het Spaarne, waarin thans ontspanningslokalen voor werkeloozen zijn gevestigd, in gebruik is bij den Haarlemschen Bestuursbond. De brand woedde op de derde verdieping, die niet in gebruik is. Met slangen op de waterleiding werd het vuur gebluscht. Twee vloeren en plafonds brandden door. Oorzaak is vermoedelijk kortsluiting. De brandschade is niet groot, doch de waterschade is ernstig.

EEN AANRIJDING MET ERNSTIG GEVOLG.

Gisteravond is in de Kraakschelaan te Doesburg een ernstig auto-ongeluk gebeurd. Een auto, bestuurd door een dame uit Apeldoorn, veroorzaakte door de gladheid een slip, waarbij de wagen tegen een boom terecht kwam. Tevens werd een van de passagiers ernstig gewond. De Ie. Jonge G. van Ree, garagehouder te Apeldoorn, is met de auto naar Doesburg gereden. De bestuurster werd van het ongeluk op de hoogte gesteld, en op haar verzoek werd een auto tegemoetgezonden. In de auto bevond zich de Ie. jarige G. van Ree, die verrassend niet aan beide benen en ernstige kneuzingen, kreeg hij een verbrijzeld been. De knaap is naar het R.K. Ziekenhuis overgebracht, waar hij kort daarna is overleden.

KERSTMISEXCURSIE NAAR LONDEN.

Het Secretariaat der Vereeniging voor Int. Jeugdverkeer bericht ons:

Dank zij de goede voorbereidingen, die de International Friendship League in Londen getroffen heeft, zal het aantal deelnemers van de Kerstmis-excursie van 25 tot 50 kunnen worden uitgebreid. Jongelui van 16—30 jaar, die een aangenamen en leerzamen vacantietijd in Londen wenschen door te brengen in gezelschap van jonge Engelschen, kunnen zich worden aangesloten bij de jonge Nederlanders die in Londen zijn. Voor de reis naar Londen wordt ook de zorg voor de Nederlandsche gasten is belast en Engelsche jongeluid de Nederlanders zullen rondleiden en gezellige bijeenkomsten voor deze organiseeren, zullen ook Nederlandsch geleiders en groep vergezellen.

De Vereeniging zorgt voor een collectieve pasilijst mits zij tijdig een geldig paspoort of een bewijs van Nederlanderschap ontvangt. Het vertrek heeft plaats op 23 Dec. a.s., de thuiskomst 3 Januari.

Inlichtingen verstrekt bovengenoemd Secretariaat, Witte Rozenstraat 46 te Leiden. Telef. 945.

VERDUISTERING.

Van verduistering van ongeveer f 1000 ten nadeele van de Singermaatschappij is op last van de justitie te Meerlo (L.) aangehouden de 35-jarige handelsreiziger M. V. Tegelen. V. is in de strafgevangenis te Roermond opgesloten.

SPIEGELRUIT INGEWORPEN.

Gisteravond tegen zeven uur weerklonk glasgerinkel voor het Leidscheplein te Amsterdam en een derde met een glas vervolgde daarna, door het spiegelglas ruit van de fa. Hirsch et Cie. op den hoek Leidscheplein en Weteringschans te belemmerd is geworden. De man liep vervolgens in de richting van het politiebureau, zoodat hij den indruk gaf dat hij zich daad bedreven had om ondertale te verkrijgen. De vernieler ging evenwel niet het bureau binnen, maar liep de Korte Leidschedwarsstraat in en verdween in de menigte, zonder dat men omtrent zijn identiteit en motieven een onderzoek gelukken....

(Hbl.)
ZES PERSONEN BEDOLVEN EN GERED

In de Mortiermijn te Sosnowitz is gisteren in een gedeelte van een noodschacht die opgeruimd moest worden, met springpatronen gewerkt. De ploeg, die de dynamietpatronen moest plaatsen, vergat echter vier te voren de schacht te onderzoeken, zoodat 6 werkloozen, die in de schacht kolen stalen, door de ontploffing door den clandestien kolen te zoeken, bedolven werden. Onmiddellijk ging een reddingsploeg aan het werk, die er na 10 uur in slaagde alle 6 bedolvenen levend te redden.

EEN RIJKE ARME.

Te Tarente kwam een bedelaar, die alleen op een kamertje woonde en een armzalig bestaan leed, te overlijden. Tot aller verrassing bevond men bij hem een spaarbankboekje met een tegoed van 30.000 lire en bovendien een aanzienlijke geldsom in contanten.

DE POOL-EXPEDITIE VAN BYRD.

De expeditie van admiraal Byrd is met de Jacob Ruppert uit Wellington (Nieuw Zeeland) naar het Zuidpool-gebied vertrokken.
